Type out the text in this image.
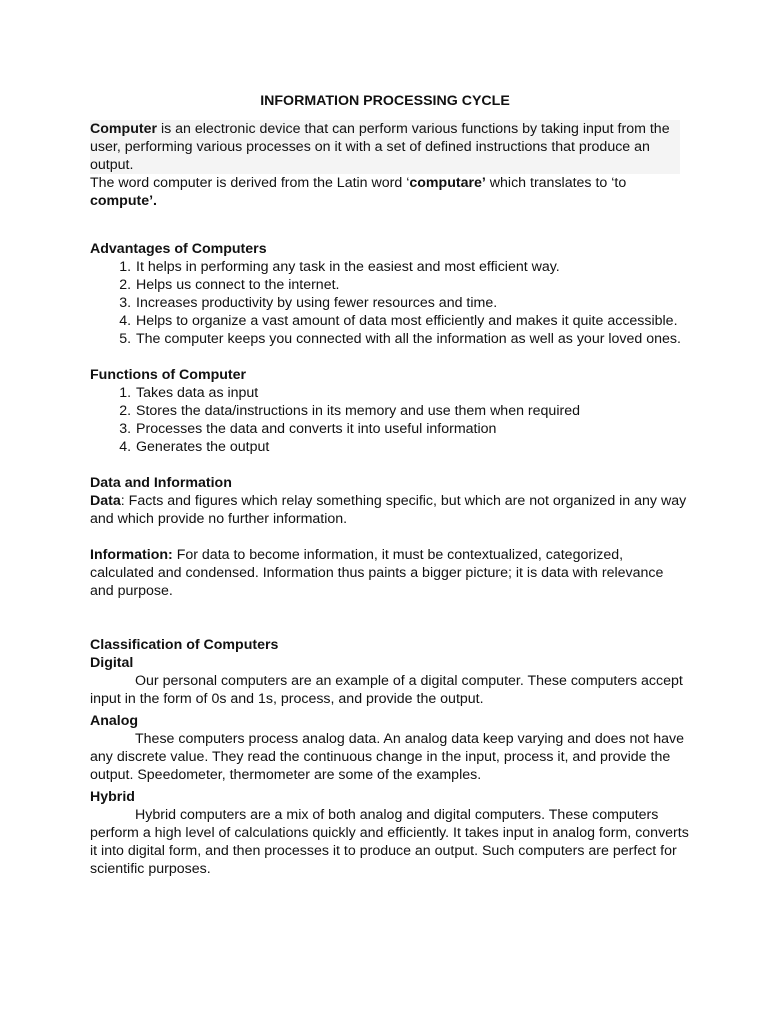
INFORMATION PROCESSING CYCLE

Computer is an electronic device that can perform various functions by taking input from the user, performing various processes on it with a set of defined instructions that produce an output.

The word computer is derived from the Latin word ‘computare’ which translates to ‘to compute’.

Advantages of Computers
1. It helps in performing any task in the easiest and most efficient way.
2. Helps us connect to the internet.
3. Increases productivity by using fewer resources and time.
4. Helps to organize a vast amount of data most efficiently and makes it quite accessible.
5. The computer keeps you connected with all the information as well as your loved ones.
Functions of Computer
1. Takes data as input
2. Stores the data/instructions in its memory and use them when required
3. Processes the data and converts it into useful information
4. Generates the output
Data and Information

Data: Facts and figures which relay something specific, but which are not organized in any way and which provide no further information.

Information: For data to become information, it must be contextualized, categorized, calculated and condensed. Information thus paints a bigger picture; it is data with relevance and purpose.

Classification of Computers
Digital

Our personal computers are an example of a digital computer. These computers accept input in the form of 0s and 1s, process, and provide the output.

Analog

These computers process analog data. An analog data keep varying and does not have any discrete value. They read the continuous change in the input, process it, and provide the output. Speedometer, thermometer are some of the examples.

Hybrid

Hybrid computers are a mix of both analog and digital computers. These computers perform a high level of calculations quickly and efficiently. It takes input in analog form, converts it into digital form, and then processes it to produce an output. Such computers are perfect for scientific purposes.
